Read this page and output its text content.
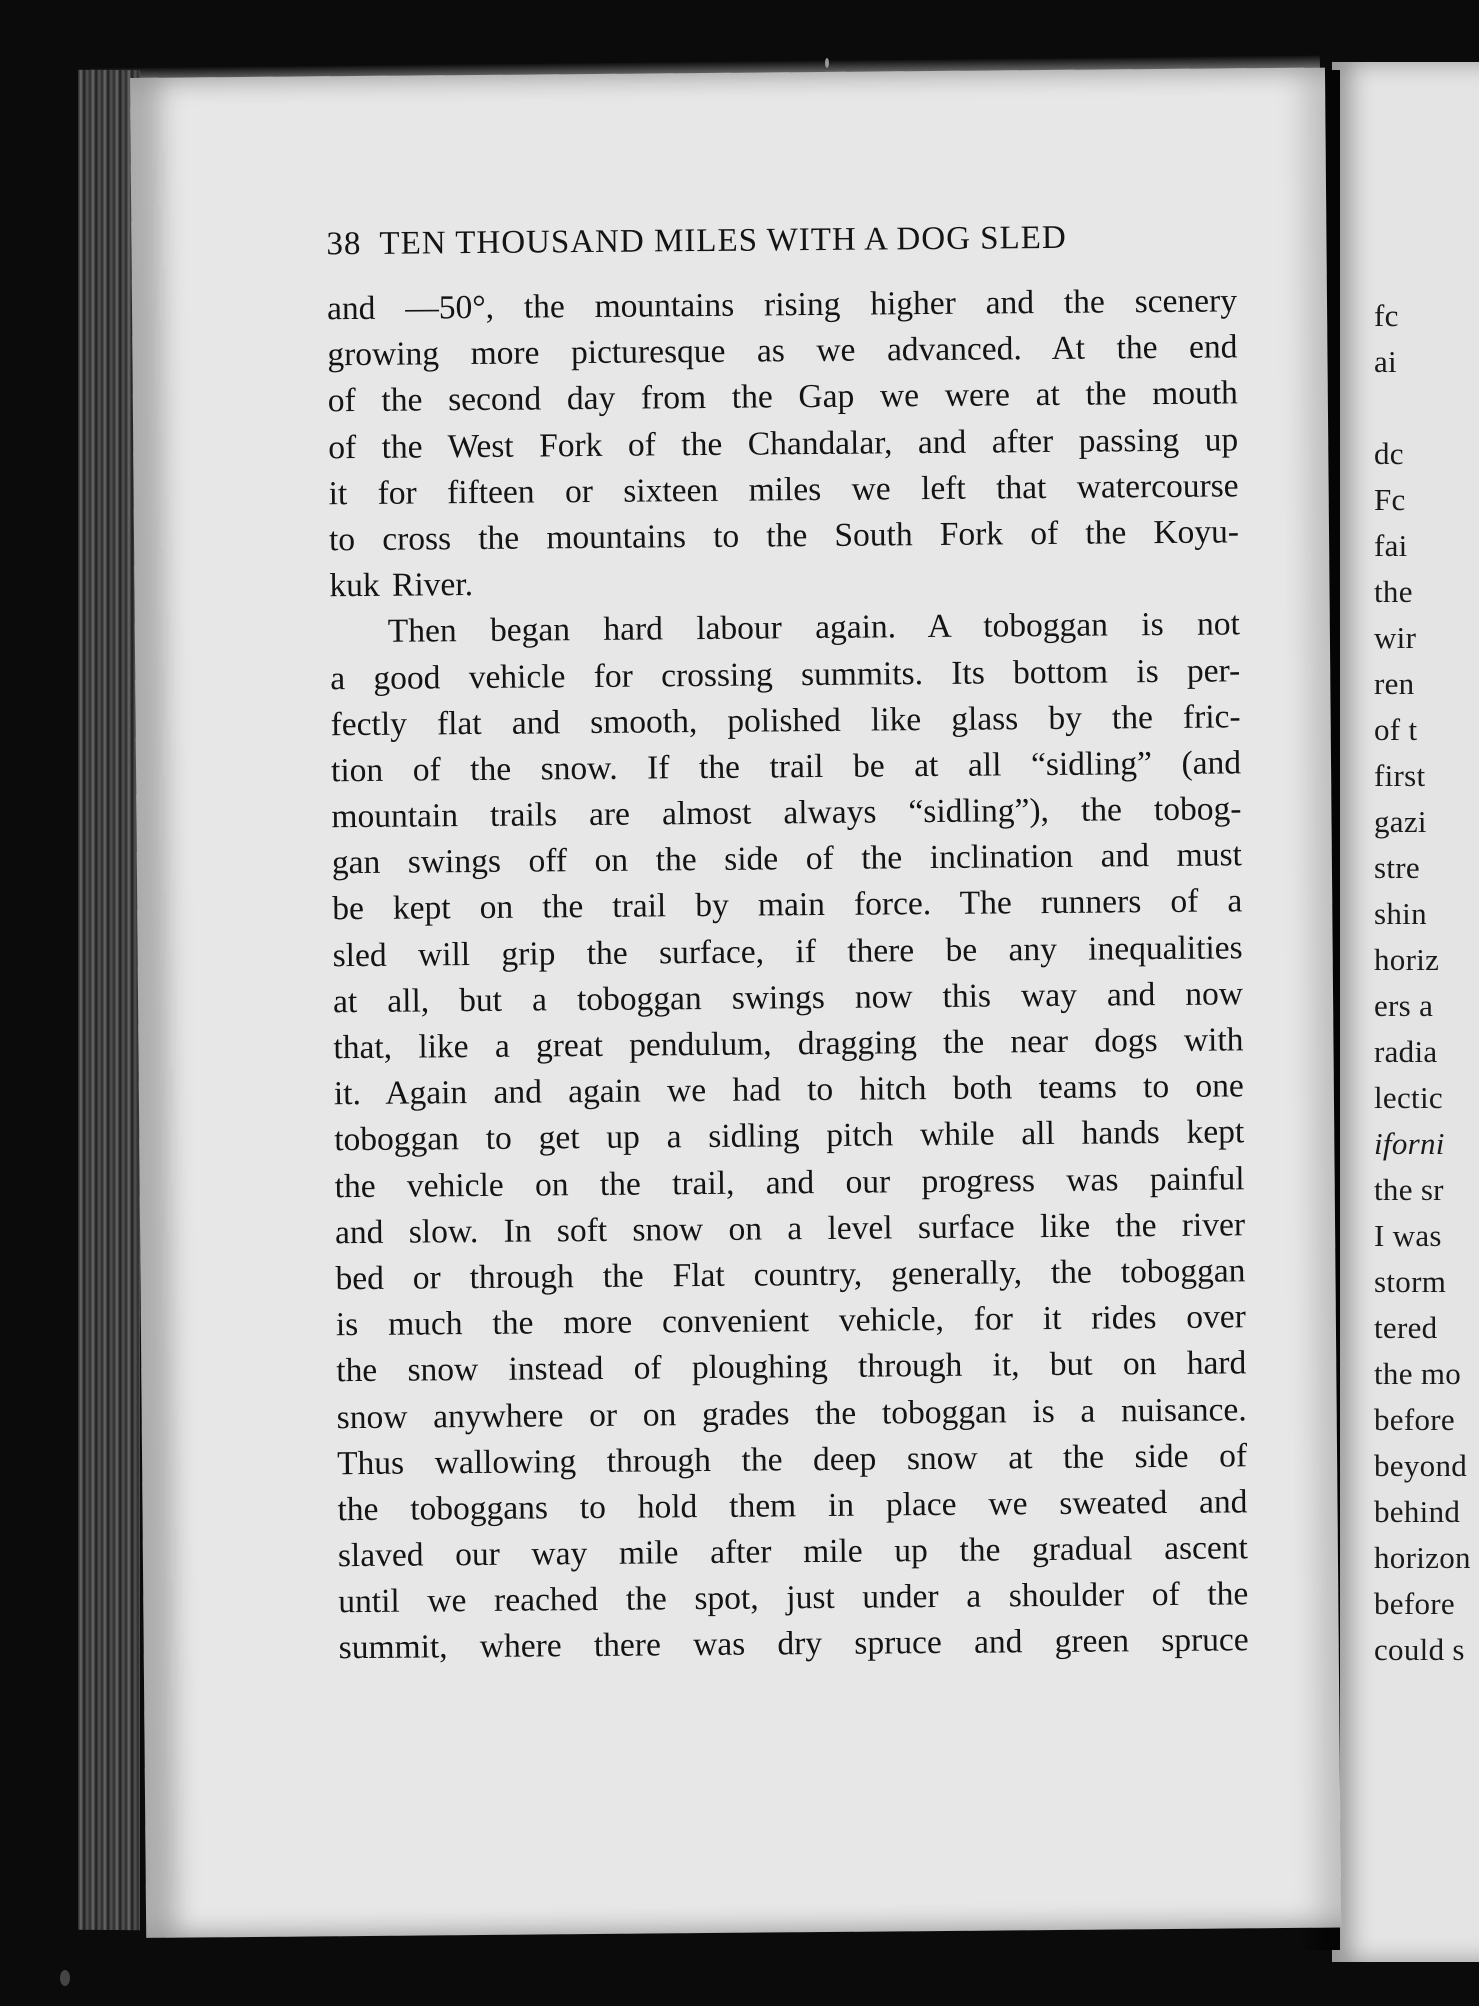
fc
ai
dc
Fc
fai
the
wir
ren
of t
first
gazi
stre
shin
horiz
ers a
radia
lectic
iforni
the sr
I was
storm
tered
the mo
before
beyond
behind
horizon
before
could s
38 TEN THOUSAND MILES WITH A DOG SLED
and —50°, the mountains rising higher and the scenery
growing more picturesque as we advanced. At the end
of the second day from the Gap we were at the mouth
of the West Fork of the Chandalar, and after passing up
it for fifteen or sixteen miles we left that watercourse
to cross the mountains to the South Fork of the Koyu-
kuk River.
Then began hard labour again. A toboggan is not
a good vehicle for crossing summits. Its bottom is per-
fectly flat and smooth, polished like glass by the fric-
tion of the snow. If the trail be at all “sidling” (and
mountain trails are almost always “sidling”), the tobog-
gan swings off on the side of the inclination and must
be kept on the trail by main force. The runners of a
sled will grip the surface, if there be any inequalities
at all, but a toboggan swings now this way and now
that, like a great pendulum, dragging the near dogs with
it. Again and again we had to hitch both teams to one
toboggan to get up a sidling pitch while all hands kept
the vehicle on the trail, and our progress was painful
and slow. In soft snow on a level surface like the river
bed or through the Flat country, generally, the toboggan
is much the more convenient vehicle, for it rides over
the snow instead of ploughing through it, but on hard
snow anywhere or on grades the toboggan is a nuisance.
Thus wallowing through the deep snow at the side of
the toboggans to hold them in place we sweated and
slaved our way mile after mile up the gradual ascent
until we reached the spot, just under a shoulder of the
summit, where there was dry spruce and green spruce
